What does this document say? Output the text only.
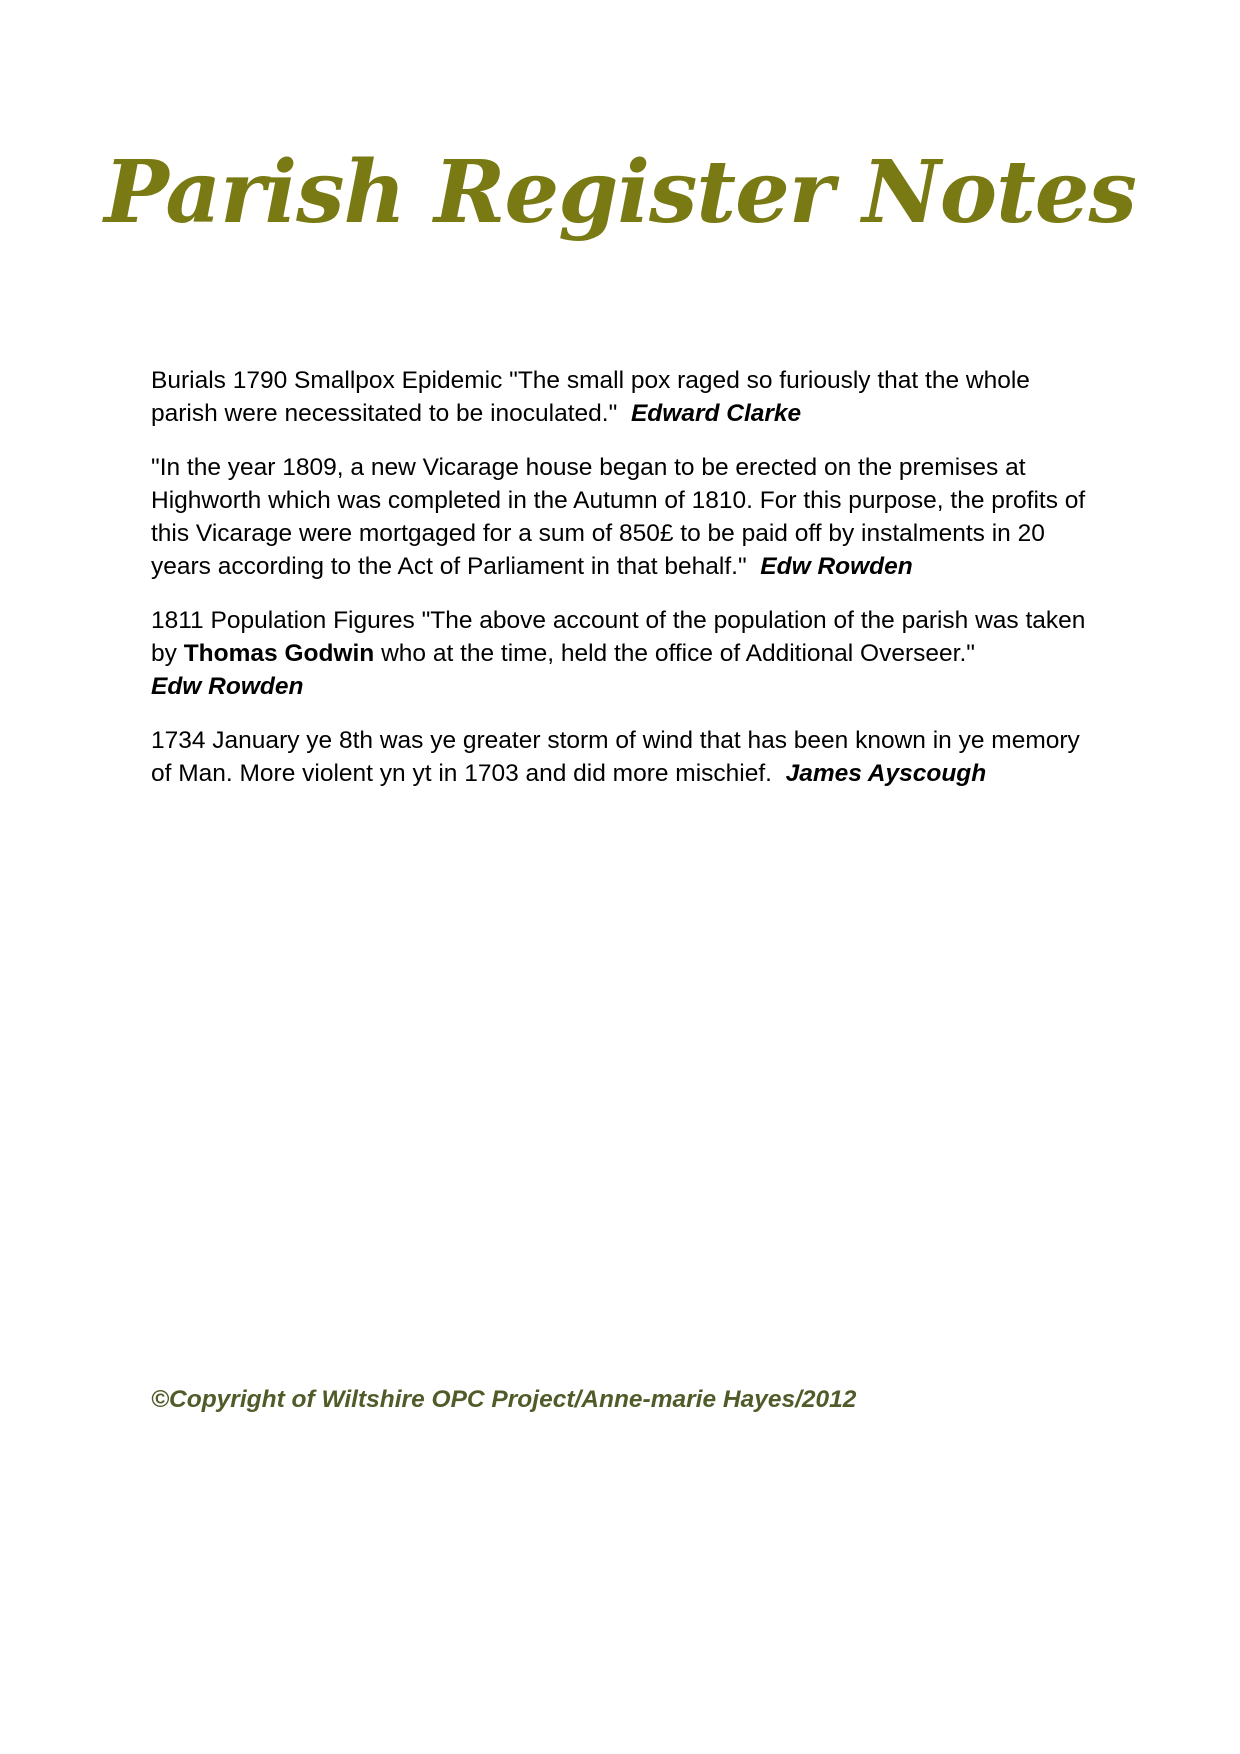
Parish Register Notes

Burials 1790 Smallpox Epidemic "The small pox raged so furiously that the whole parish were necessitated to be inoculated." Edward Clarke

"In the year 1809, a new Vicarage house began to be erected on the premises at Highworth which was completed in the Autumn of 1810. For this purpose, the profits of this Vicarage were mortgaged for a sum of 850£ to be paid off by instalments in 20 years according to the Act of Parliament in that behalf." Edw Rowden

1811 Population Figures "The above account of the population of the parish was taken by Thomas Godwin who at the time, held the office of Additional Overseer."
Edw Rowden

1734 January ye 8th was ye greater storm of wind that has been known in ye memory of Man. More violent yn yt in 1703 and did more mischief. James Ayscough

©Copyright of Wiltshire OPC Project/Anne-marie Hayes/2012
